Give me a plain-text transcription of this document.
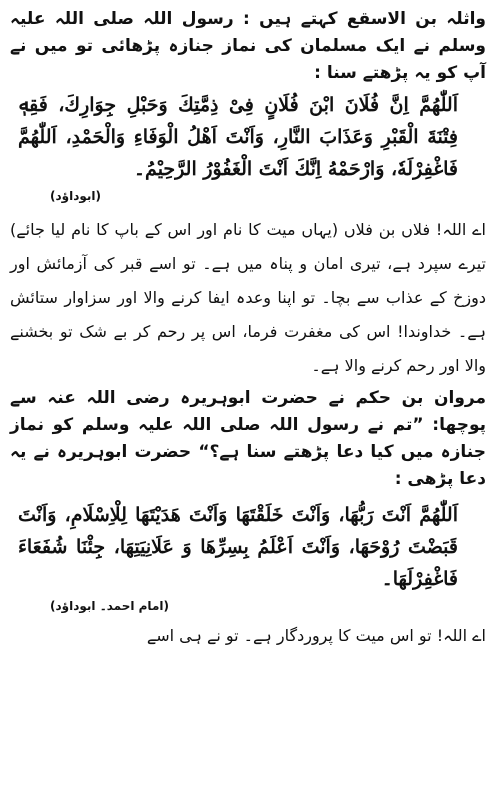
واثلہ بن الاسقع کہتے ہیں : رسول اللہ صلی اللہ علیہ وسلم نے ایک مسلمان کی نماز جنازہ پڑھائی تو میں نے آپ کو یہ پڑھتے سنا :

اَللّٰهُمَّ اِنَّ فُلَانَ ابْنَ فُلَانٍ فِیْ ذِمَّتِكَ وَحَبْلِ جِوَارِكَ، فَقِهٖ فِتْنَةَ الْقَبْرِ وَعَذَابَ النَّارِ، وَاَنْتَ اَهْلُ الْوَفَاءِ وَالْحَمْدِ، اَللّٰهُمَّ فَاغْفِرْلَهٗ، وَارْحَمْهُ اِنَّكَ اَنْتَ الْغَفُوْرُ الرَّحِیْمُ۔

(ابوداؤد)

اے اللہ! فلاں بن فلاں (یہاں میت کا نام اور اس کے باپ کا نام لیا جائے) تیرے سپرد ہے، تیری امان و پناہ میں ہے۔ تو اسے قبر کی آزمائش اور دوزخ کے عذاب سے بچا۔ تو اپنا وعدہ ایفا کرنے والا اور سزاوار ستائش ہے۔ خداوندا! اس کی مغفرت فرما، اس پر رحم کر بے شک تو بخشنے والا اور رحم کرنے والا ہے۔

مروان بن حکم نے حضرت ابوہریرہ رضی اللہ عنہ سے پوچھا: ”تم نے رسول اللہ صلی اللہ علیہ وسلم کو نماز جنازہ میں کیا دعا پڑھتے سنا ہے؟“ حضرت ابوہریرہ نے یہ دعا پڑھی :

اَللّٰهُمَّ اَنْتَ رَبُّهَا، وَاَنْتَ خَلَقْتَهَا وَاَنْتَ هَدَيْتَهَا لِلْاِسْلَامِ، وَاَنْتَ قَبَضْتَ رُوْحَهَا، وَاَنْتَ اَعْلَمُ بِسِرِّهَا وَ عَلَانِيَتِهَا، جِئْنَا شُفَعَاءَ فَاغْفِرْلَهَا۔

(امام احمد۔ ابوداؤد)

اے اللہ! تو اس میت کا پروردگار ہے۔ تو نے ہی اسے
